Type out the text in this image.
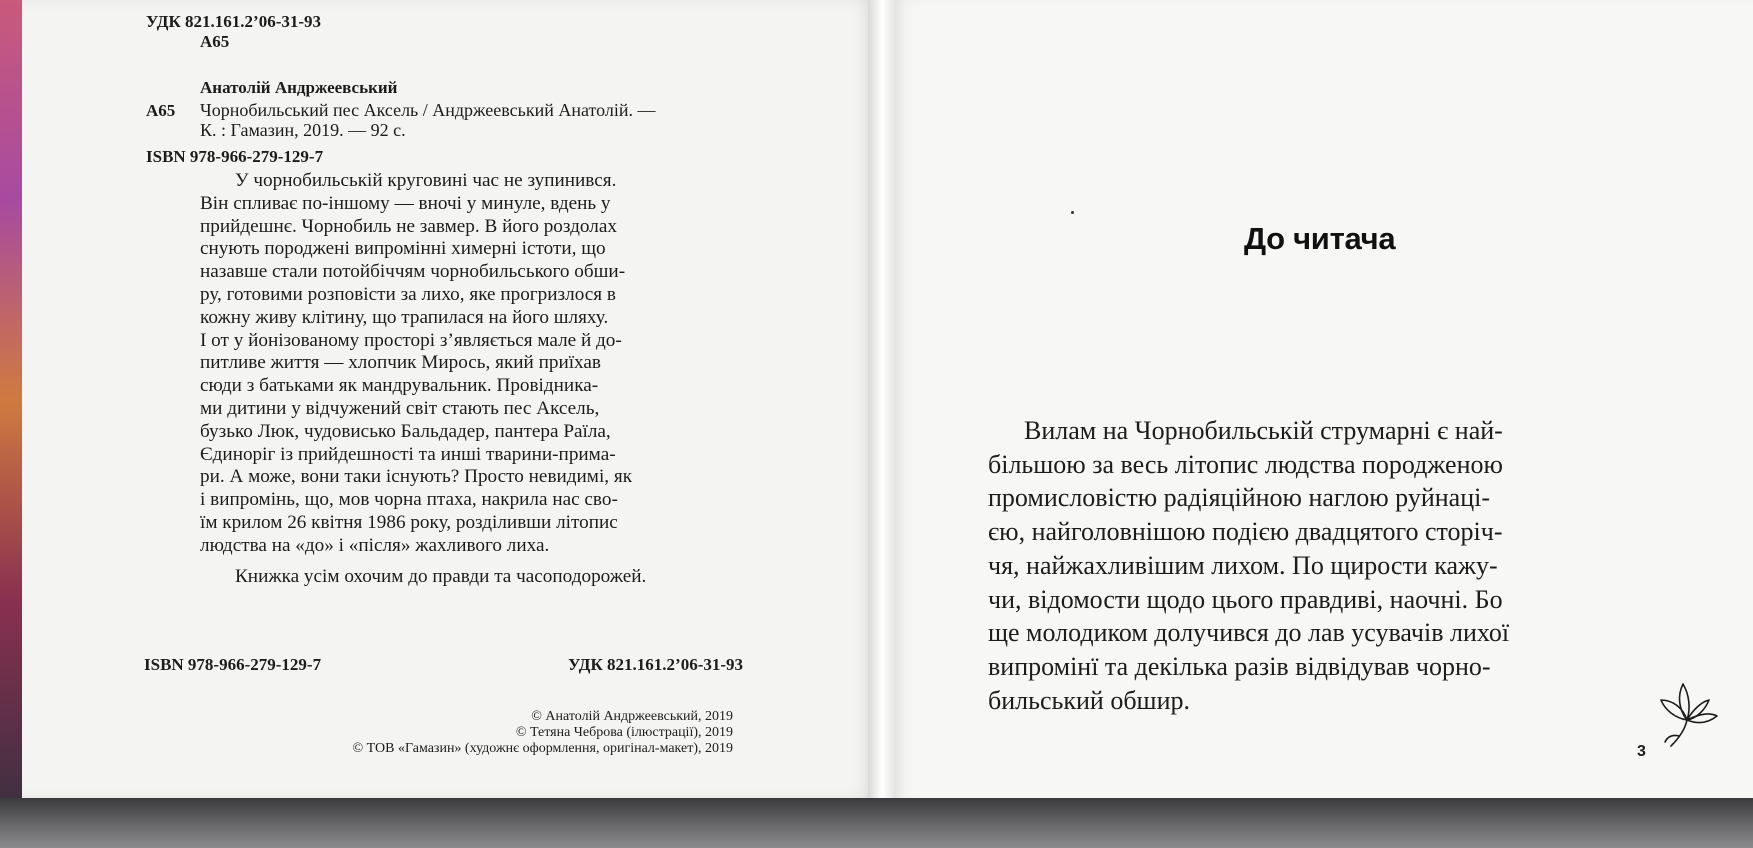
УДК 821.161.2’06-31-93
А65
Анатолій Андржеевський
А65 Чорнобильський пес Аксель / Андржеевський Анатолій. —
К. : Гамазин, 2019. — 92 с.
ISBN 978-966-279-129-7
У чорнобильській круговині час не зупинився.
Він спливає по-іншому — вночі у минуле, вдень у
прийдешнє. Чорнобиль не завмер. В його роздолах
снують породжені випромінні химерні істоти, що
назавше стали потойбіччям чорнобильського обши-
ру, готовими розповісти за лихо, яке прогризлося в
кожну живу клітину, що трапилася на його шляху.
І от у йонізованому просторі з’являється мале й до-
питливе життя — хлопчик Мирось, який приїхав
сюди з батьками як мандрувальник. Провідника-
ми дитини у відчужений світ стають пес Аксель,
бузько Люк, чудовисько Бальдадер, пантера Раїла,
Єдиноріг із прийдешності та инші тварини-прима-
ри. А може, вони таки існують? Просто невидимі, як
і випромінь, що, мов чорна птаха, накрила нас сво-
їм крилом 26 квітня 1986 року, розділивши літопис
людства на «до» і «після» жахливого лиха.
Книжка усім охочим до правди та часоподорожей.
ISBN 978-966-279-129-7	УДК 821.161.2’06-31-93
© Анатолій Андржеевський, 2019
© Тетяна Чеброва (ілюстрації), 2019
© ТОВ «Гамазин» (художнє оформлення, оригінал-макет), 2019
До читача
Вилам на Чорнобильській струмарні є най-
більшою за весь літопис людства породженою
промисловістю радіяційною наглою руйнаці-
єю, найголовнішою подією двадцятого сторіч-
чя, найжахливішим лихом. По щирости кажу-
чи, відомости щодо цього правдиві, наочні. Бо
ще молодиком долучився до лав усувачів лихої
випромінї та декілька разів відвідував чорно-
бильський обшир.
3
